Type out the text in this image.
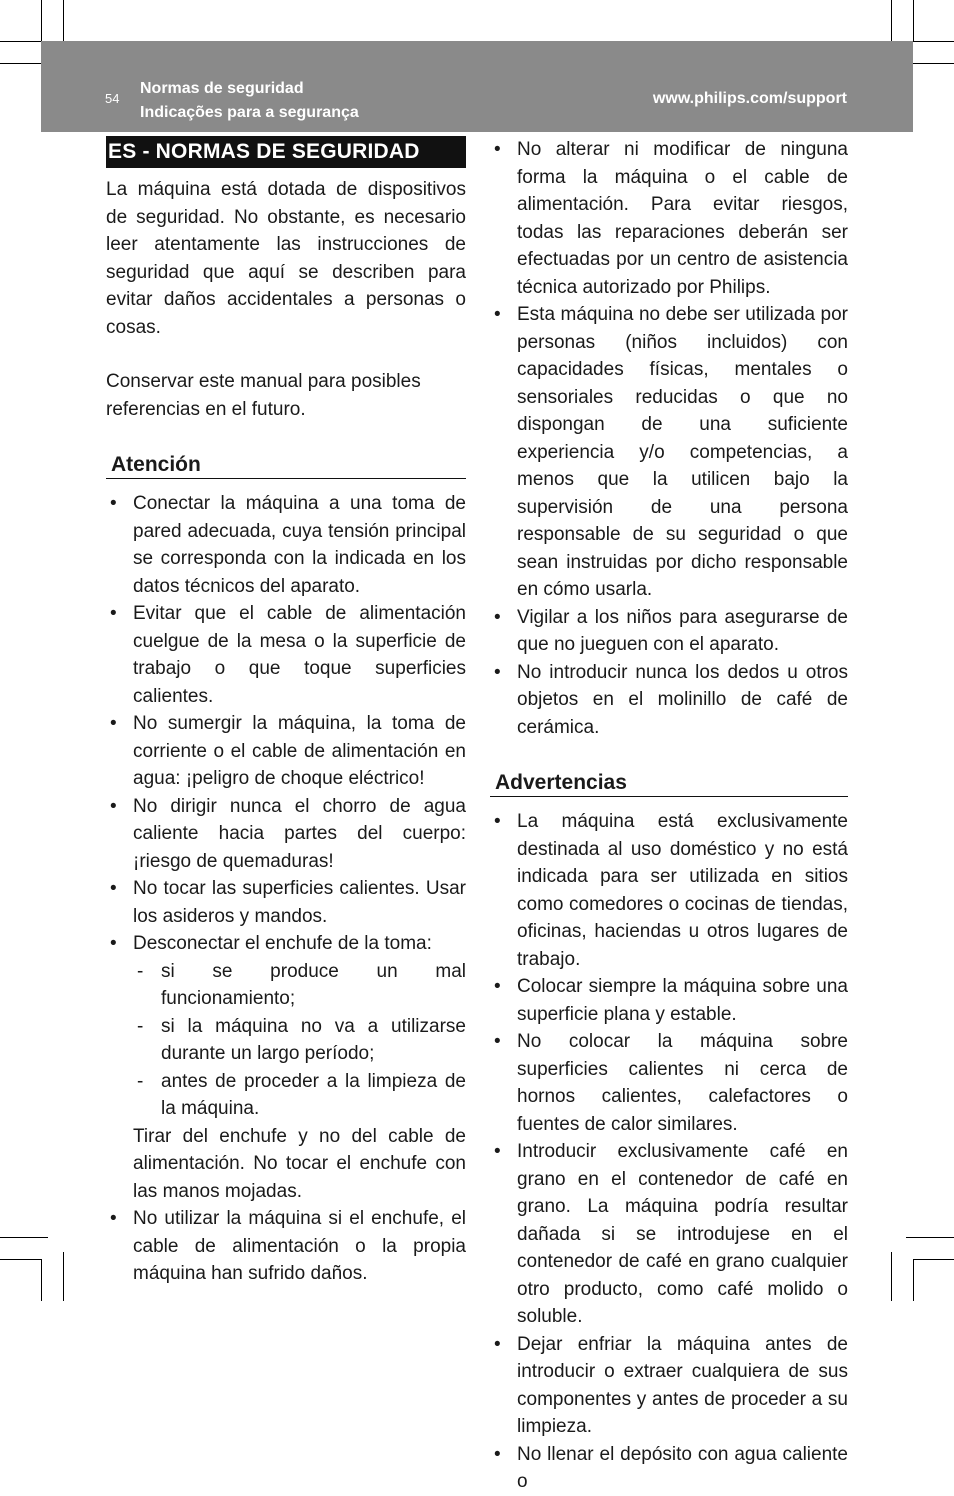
54
Normas de seguridad
Indicações para a segurança
www.philips.com/support
ES - NORMAS DE SEGURIDAD

La máquina está dotada de dispositivos de seguridad. No obstante, es necesario leer atentamente las instrucciones de seguridad que aquí se describen para evitar daños accidentales a personas o cosas.

Conservar este manual para posibles referencias en el futuro.

Atención
• Conectar la máquina a una toma de pared adecuada, cuya tensión principal se corresponda con la indicada en los datos técnicos del aparato.
• Evitar que el cable de alimentación cuelgue de la mesa o la superficie de trabajo o que toque superficies calientes.
• No sumergir la máquina, la toma de corriente o el cable de alimentación en agua: ¡peligro de choque eléctrico!
• No dirigir nunca el chorro de agua caliente hacia partes del cuerpo: ¡riesgo de quemaduras!
• No tocar las superficies calientes. Usar los asideros y mandos.
• Desconectar el enchufe de la toma:
- si se produce un mal funcionamiento;
- si la máquina no va a utilizarse durante un largo período;
- antes de proceder a la limpieza de la máquina.

Tirar del enchufe y no del cable de alimentación. No tocar el enchufe con las manos mojadas.

• No utilizar la máquina si el enchufe, el cable de alimentación o la propia máquina han sufrido daños.
• No alterar ni modificar de ninguna forma la máquina o el cable de alimentación. Para evitar riesgos, todas las reparaciones deberán ser efectuadas por un centro de asistencia técnica autorizado por Philips.
• Esta máquina no debe ser utilizada por personas (niños incluidos) con capacidades físicas, mentales o sensoriales reducidas o que no dispongan de una suficiente experiencia y/o competencias, a menos que la utilicen bajo la supervisión de una persona responsable de su seguridad o que sean instruidas por dicho responsable en cómo usarla.
• Vigilar a los niños para asegurarse de que no jueguen con el aparato.
• No introducir nunca los dedos u otros objetos en el molinillo de café de cerámica.
Advertencias
• La máquina está exclusivamente destinada al uso doméstico y no está indicada para ser utilizada en sitios como comedores o cocinas de tiendas, oficinas, haciendas u otros lugares de trabajo.
• Colocar siempre la máquina sobre una superficie plana y estable.
• No colocar la máquina sobre superficies calientes ni cerca de hornos calientes, calefactores o fuentes de calor similares.
• Introducir exclusivamente café en grano en el contenedor de café en grano. La máquina podría resultar dañada si se introdujese en el contenedor de café en grano cualquier otro producto, como café molido o soluble.
• Dejar enfriar la máquina antes de introducir o extraer cualquiera de sus componentes y antes de proceder a su limpieza.
• No llenar el depósito con agua caliente o
